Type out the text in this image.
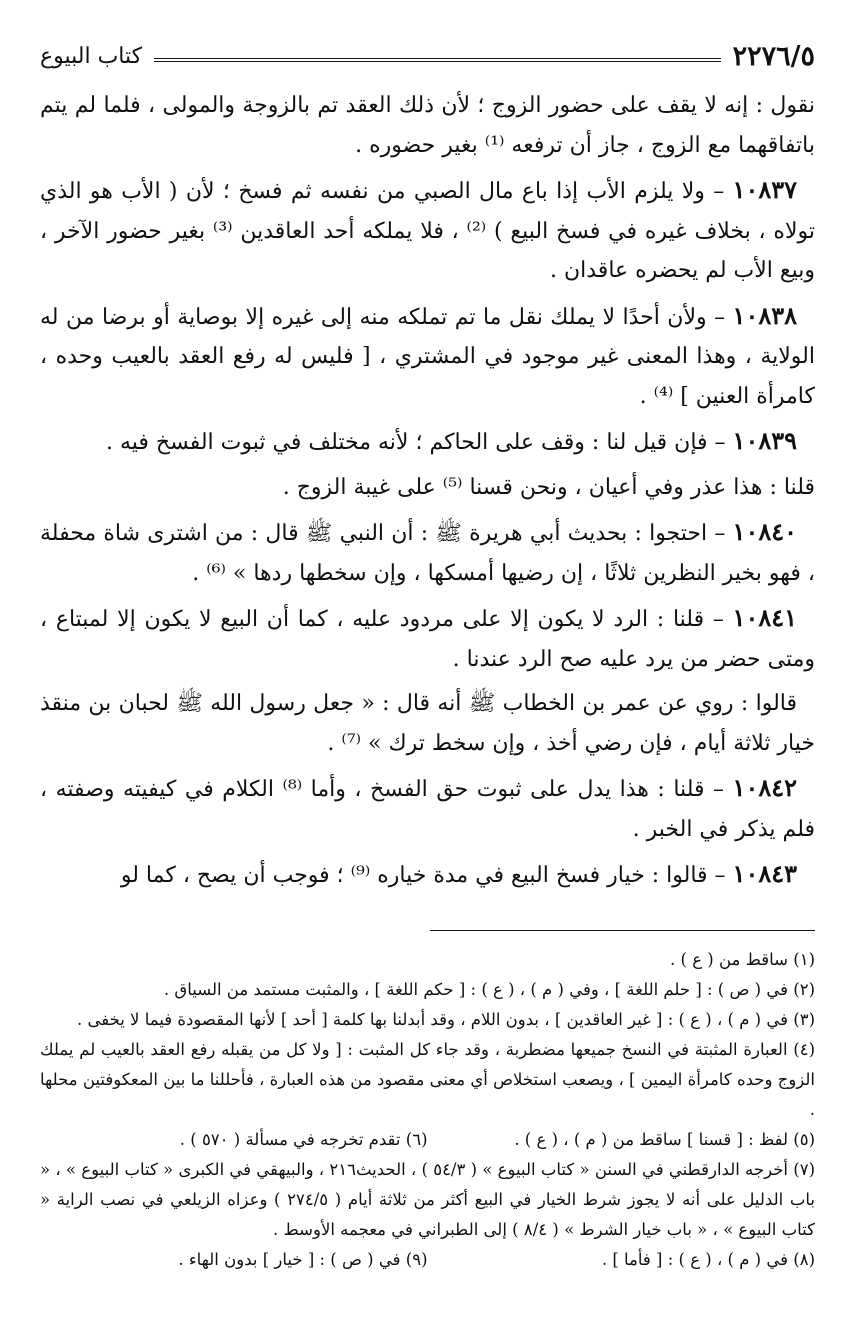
٢٢٧٦/٥
كتاب البيوع

نقول : إنه لا يقف على حضور الزوج ؛ لأن ذلك العقد تم بالزوجة والمولى ، فلما لم يتم باتفاقهما مع الزوج ، جاز أن ترفعه ⁽¹⁾ بغير حضوره .

١٠٨٣٧ – ولا يلزم الأب إذا باع مال الصبي من نفسه ثم فسخ ؛ لأن ( الأب هو الذي تولاه ، بخلاف غيره في فسخ البيع ) ⁽²⁾ ، فلا يملكه أحد العاقدين ⁽³⁾ بغير حضور الآخر ، وبيع الأب لم يحضره عاقدان .

١٠٨٣٨ – ولأن أحدًا لا يملك نقل ما تم تملكه منه إلى غيره إلا بوصاية أو برضا من له الولاية ، وهذا المعنى غير موجود في المشتري ، [ فليس له رفع العقد بالعيب وحده ، كامرأة العنين ] ⁽⁴⁾ .

١٠٨٣٩ – فإن قيل لنا : وقف على الحاكم ؛ لأنه مختلف في ثبوت الفسخ فيه .

قلنا : هذا عذر وفي أعيان ، ونحن قسنا ⁽⁵⁾ على غيبة الزوج .

١٠٨٤٠ – احتجوا : بحديث أبي هريرة ﷺ : أن النبي ﷺ قال : من اشترى شاة محفلة ، فهو بخير النظرين ثلاثًا ، إن رضيها أمسكها ، وإن سخطها ردها » ⁽⁶⁾ .

١٠٨٤١ – قلنا : الرد لا يكون إلا على مردود عليه ، كما أن البيع لا يكون إلا لمبتاع ، ومتى حضر من يرد عليه صح الرد عندنا .

قالوا : روي عن عمر بن الخطاب ﷺ أنه قال : « جعل رسول الله ﷺ لحبان بن منقذ خيار ثلاثة أيام ، فإن رضي أخذ ، وإن سخط ترك » ⁽⁷⁾ .

١٠٨٤٢ – قلنا : هذا يدل على ثبوت حق الفسخ ، وأما ⁽⁸⁾ الكلام في كيفيته وصفته ، فلم يذكر في الخبر .

١٠٨٤٣ – قالوا : خيار فسخ البيع في مدة خياره ⁽⁹⁾ ؛ فوجب أن يصح ، كما لو

(١) ساقط من ( ع ) .

(٢) في ( ص ) : [ حلم اللغة ] ، وفي ( م ) ، ( ع ) : [ حكم اللغة ] ، والمثبت مستمد من السياق .

(٣) في ( م ) ، ( ع ) : [ غير العاقدين ] ، بدون اللام ، وقد أبدلنا بها كلمة [ أحد ] لأنها المقصودة فيما لا يخفى .

(٤) العبارة المثبتة في النسخ جميعها مضطربة ، وقد جاء كل المثبت : [ ولا كل من يقبله رفع العقد بالعيب لم يملك الزوج وحده كامرأة اليمين ] ، ويصعب استخلاص أي معنى مقصود من هذه العبارة ، فأحللنا ما بين المعكوفتين محلها .

(٥) لفظ : [ قسنا ] ساقط من ( م ) ، ( ع ) .
(٦) تقدم تخرجه في مسألة ( ٥٧٠ ) .

(٧) أخرجه الدارقطني في السنن « كتاب البيوع » ( ٥٤/٣ ) ، الحديث٢١٦ ، والبيهقي في الكبرى « كتاب البيوع » ، « باب الدليل على أنه لا يجوز شرط الخيار في البيع أكثر من ثلاثة أيام ( ٢٧٤/٥ ) وعزاه الزيلعي في نصب الراية « كتاب البيوع » ، « باب خيار الشرط » ( ٨/٤ ) إلى الطبراني في معجمه الأوسط .

(٨) في ( م ) ، ( ع ) : [ فأما ] .
(٩) في ( ص ) : [ خيار ] بدون الهاء .
